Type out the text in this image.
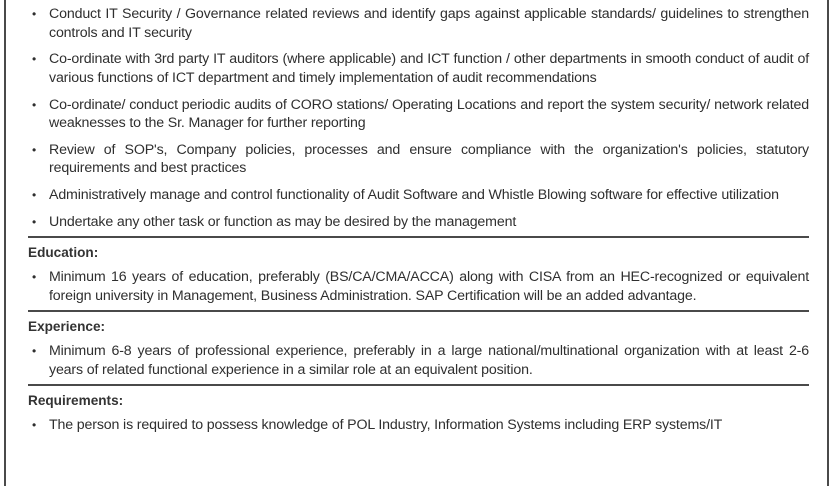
• Conduct IT Security / Governance related reviews and identify gaps against applicable standards/ guidelines to strengthen controls and IT security
• Co-ordinate with 3rd party IT auditors (where applicable) and ICT function / other departments in smooth conduct of audit of various functions of ICT department and timely implementation of audit recommendations
• Co-ordinate/ conduct periodic audits of CORO stations/ Operating Locations and report the system security/ network related weaknesses to the Sr. Manager for further reporting
• Review of SOP's, Company policies, processes and ensure compliance with the organization's policies, statutory requirements and best practices
• Administratively manage and control functionality of Audit Software and Whistle Blowing software for effective utilization
• Undertake any other task or function as may be desired by the management
Education:
• Minimum 16 years of education, preferably (BS/CA/CMA/ACCA) along with CISA from an HEC-recognized or equivalent foreign university in Management, Business Administration. SAP Certification will be an added advantage.
Experience:
• Minimum 6-8 years of professional experience, preferably in a large national/multinational organization with at least 2-6 years of related functional experience in a similar role at an equivalent position.
Requirements:
• The person is required to possess knowledge of POL Industry, Information Systems including ERP systems/IT
